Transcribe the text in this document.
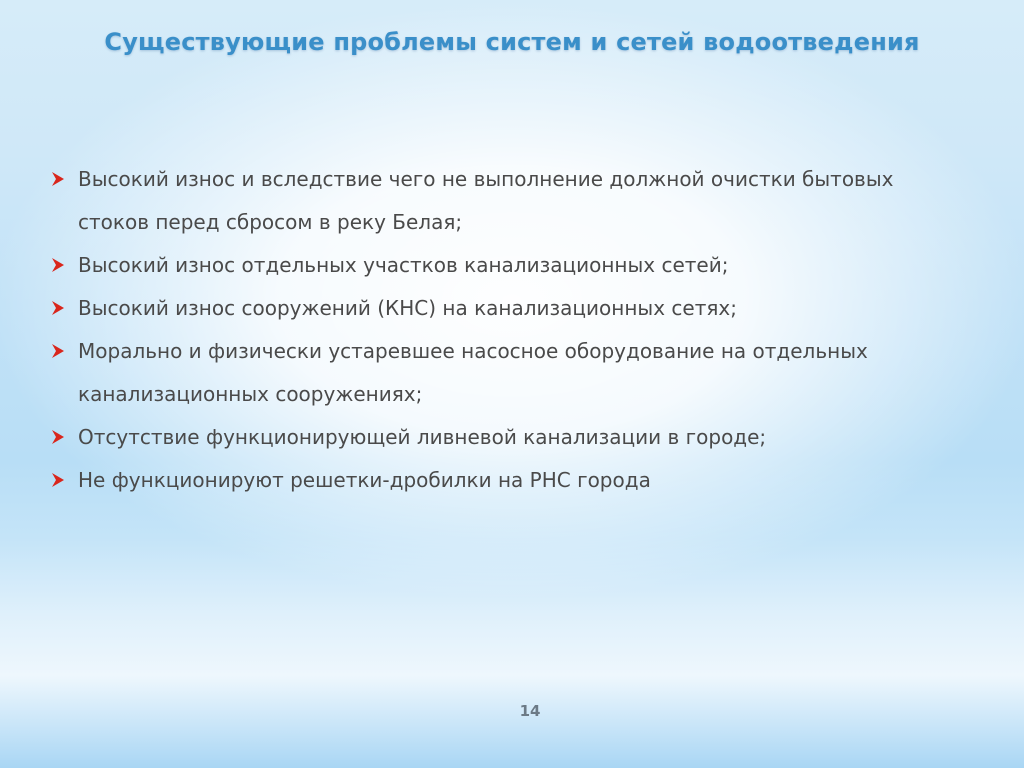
Существующие проблемы систем и сетей водоотведения
Высокий износ и вследствие чего не выполнение должной очистки бытовых стоков перед сбросом в реку Белая;
Высокий износ отдельных участков канализационных сетей;
Высокий износ сооружений (КНС) на канализационных сетях;
Морально и физически устаревшее насосное оборудование на отдельных канализационных сооружениях;
Отсутствие функционирующей ливневой канализации в городе;
Не функционируют решетки-дробилки на РНС города
14
